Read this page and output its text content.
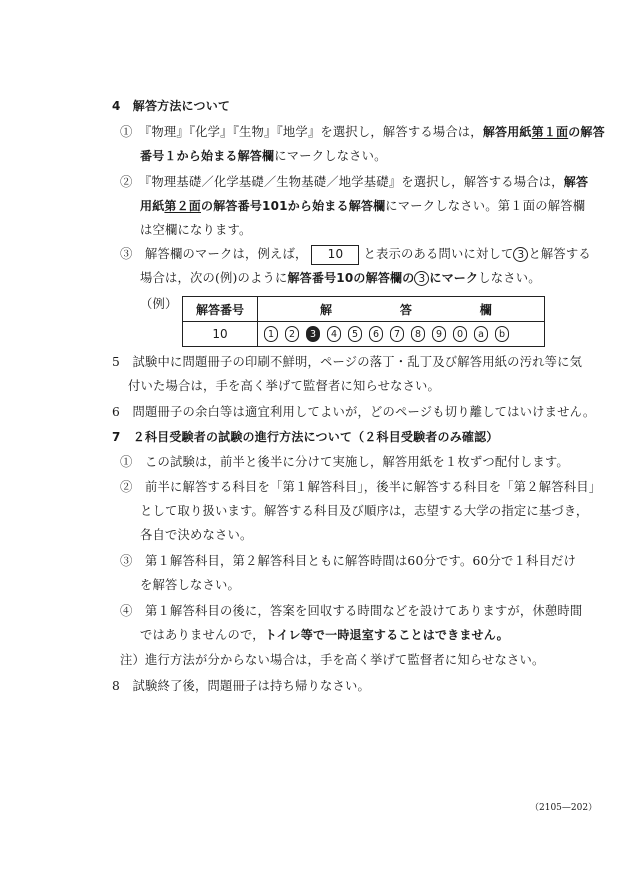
4　解答方法について
①　『物理』『化学』『生物』『地学』を選択し，解答する場合は，解答用紙第１面の解答
番号１から始まる解答欄にマークしなさい。
②　『物理基礎／化学基礎／生物基礎／地学基礎』を選択し，解答する場合は，解答
用紙第２面の解答番号101から始まる解答欄にマークしなさい。第１面の解答欄
は空欄になります。
③　解答欄のマークは，例えば， 10 と表示のある問いに対して 3 と解答する
場合は，次の(例)のように解答番号10の解答欄の 3 にマークしなさい。
（例） 解答番号	解 答 欄
10	1 2 3 4 5 6 7 8 9 0 a b
5　試験中に問題冊子の印刷不鮮明，ページの落丁・乱丁及び解答用紙の汚れ等に気
付いた場合は，手を高く挙げて監督者に知らせなさい。
6　問題冊子の余白等は適宜利用してよいが，どのページも切り離してはいけません。
7　２科目受験者の試験の進行方法について（２科目受験者のみ確認）
①　この試験は，前半と後半に分けて実施し，解答用紙を１枚ずつ配付します。
②　前半に解答する科目を「第１解答科目」，後半に解答する科目を「第２解答科目」
として取り扱います。解答する科目及び順序は，志望する大学の指定に基づき，
各自で決めなさい。
③　第１解答科目，第２解答科目ともに解答時間は60分です。60分で１科目だけ
を解答しなさい。
④　第１解答科目の後に，答案を回収する時間などを設けてありますが，休憩時間
ではありませんので，トイレ等で一時退室することはできません。
注）進行方法が分からない場合は，手を高く挙げて監督者に知らせなさい。
8　試験終了後，問題冊子は持ち帰りなさい。
（2105—202）
